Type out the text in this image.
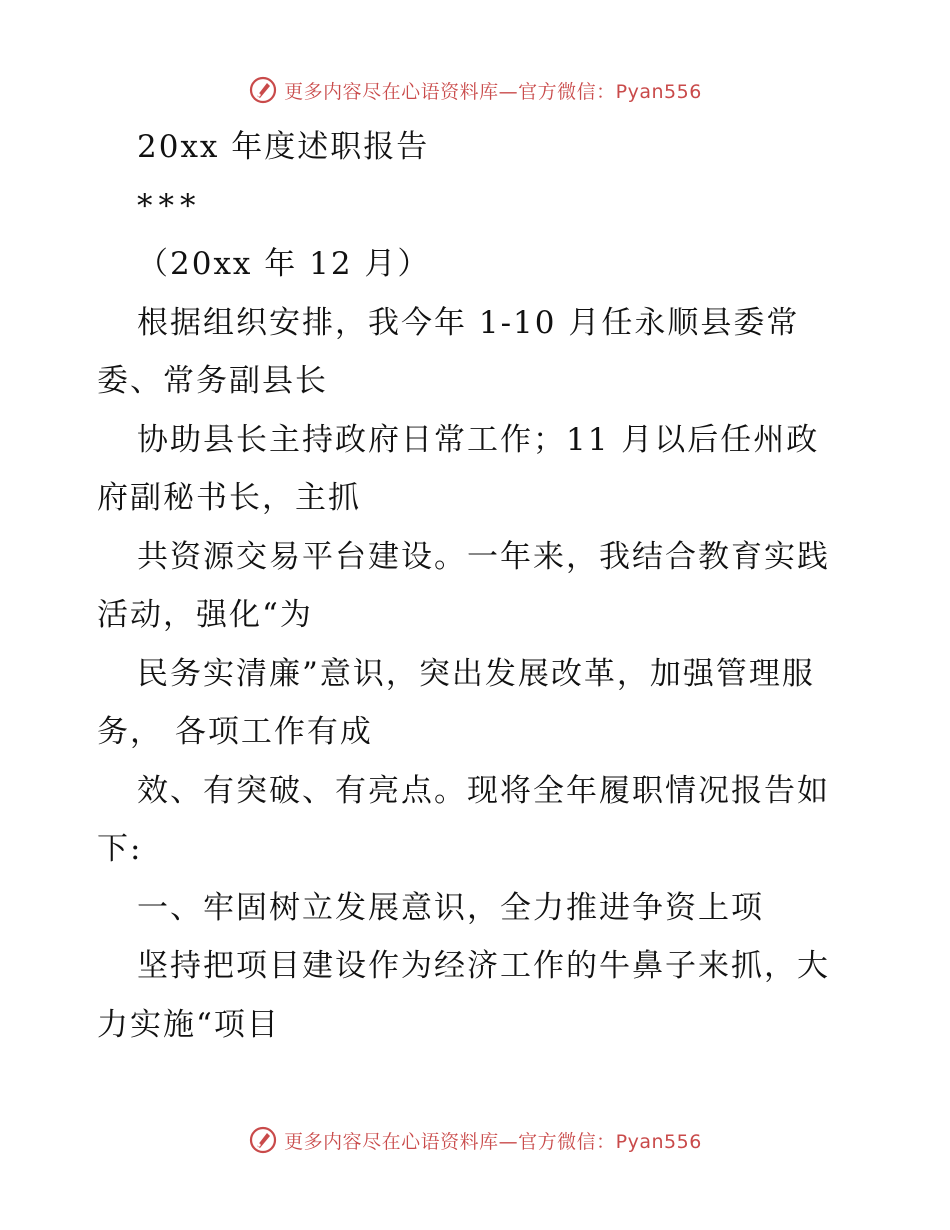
更多内容尽在心语资料库—官方微信：Pyan556
20xx 年度述职报告
***
（20xx 年 12 月）
根据组织安排，我今年 1-10 月任永顺县委常
委、常务副县长
协助县长主持政府日常工作；11 月以后任州政
府副秘书长，主抓
共资源交易平台建设。一年来，我结合教育实践
活动，强化“为
民务实清廉”意识，突出发展改革，加强管理服
务， 各项工作有成
效、有突破、有亮点。现将全年履职情况报告如
下:
一、牢固树立发展意识，全力推进争资上项
坚持把项目建设作为经济工作的牛鼻子来抓，大
力实施“项目
更多内容尽在心语资料库—官方微信：Pyan556
